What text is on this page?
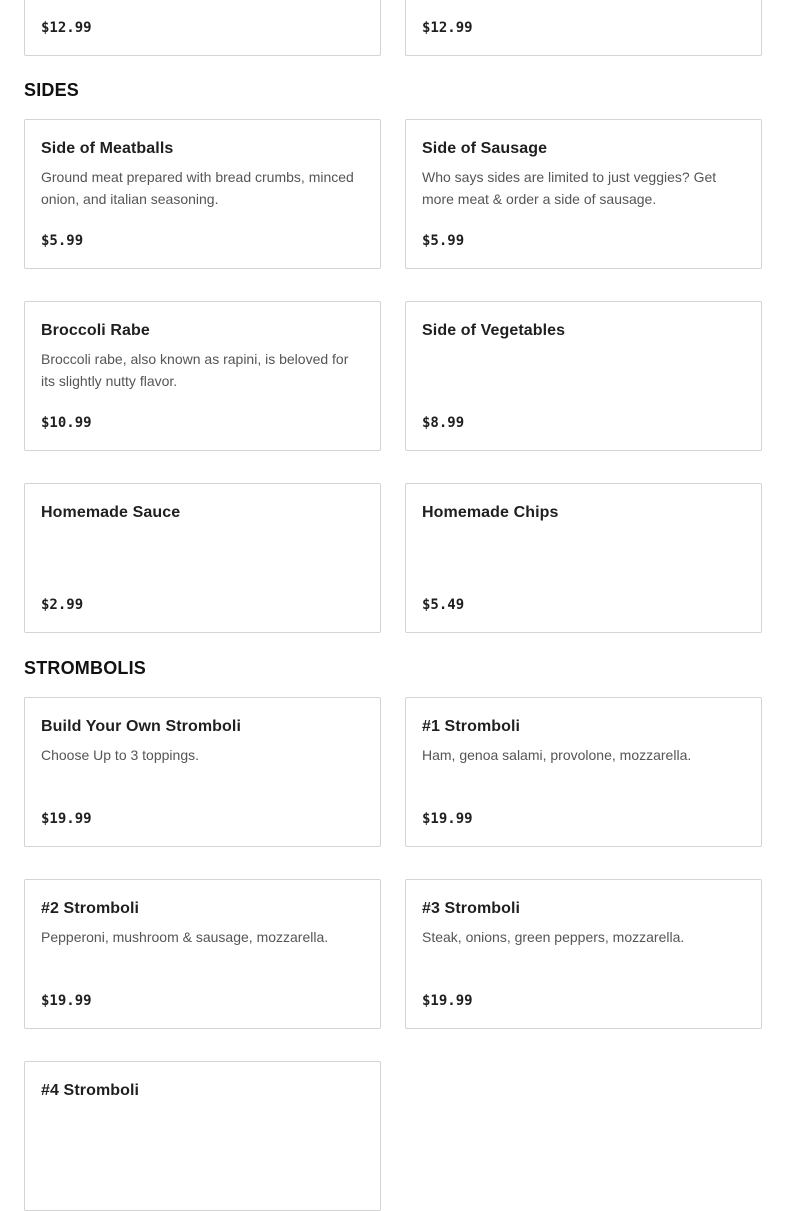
$12.99	$12.99
SIDES
Side of Meatballs
Ground meat prepared with bread crumbs, minced onion, and italian seasoning.
$5.99
Side of Sausage
Who says sides are limited to just veggies? Get more meat & order a side of sausage.
$5.99
Broccoli Rabe
Broccoli rabe, also known as rapini, is beloved for its slightly nutty flavor.
$10.99
Side of Vegetables
$8.99
Homemade Sauce
$2.99
Homemade Chips
$5.49
STROMBOLIS
Build Your Own Stromboli
Choose Up to 3 toppings.
$19.99
#1 Stromboli
Ham, genoa salami, provolone, mozzarella.
$19.99
#2 Stromboli
Pepperoni, mushroom & sausage, mozzarella.
$19.99
#3 Stromboli
Steak, onions, green peppers, mozzarella.
$19.99
#4 Stromboli
